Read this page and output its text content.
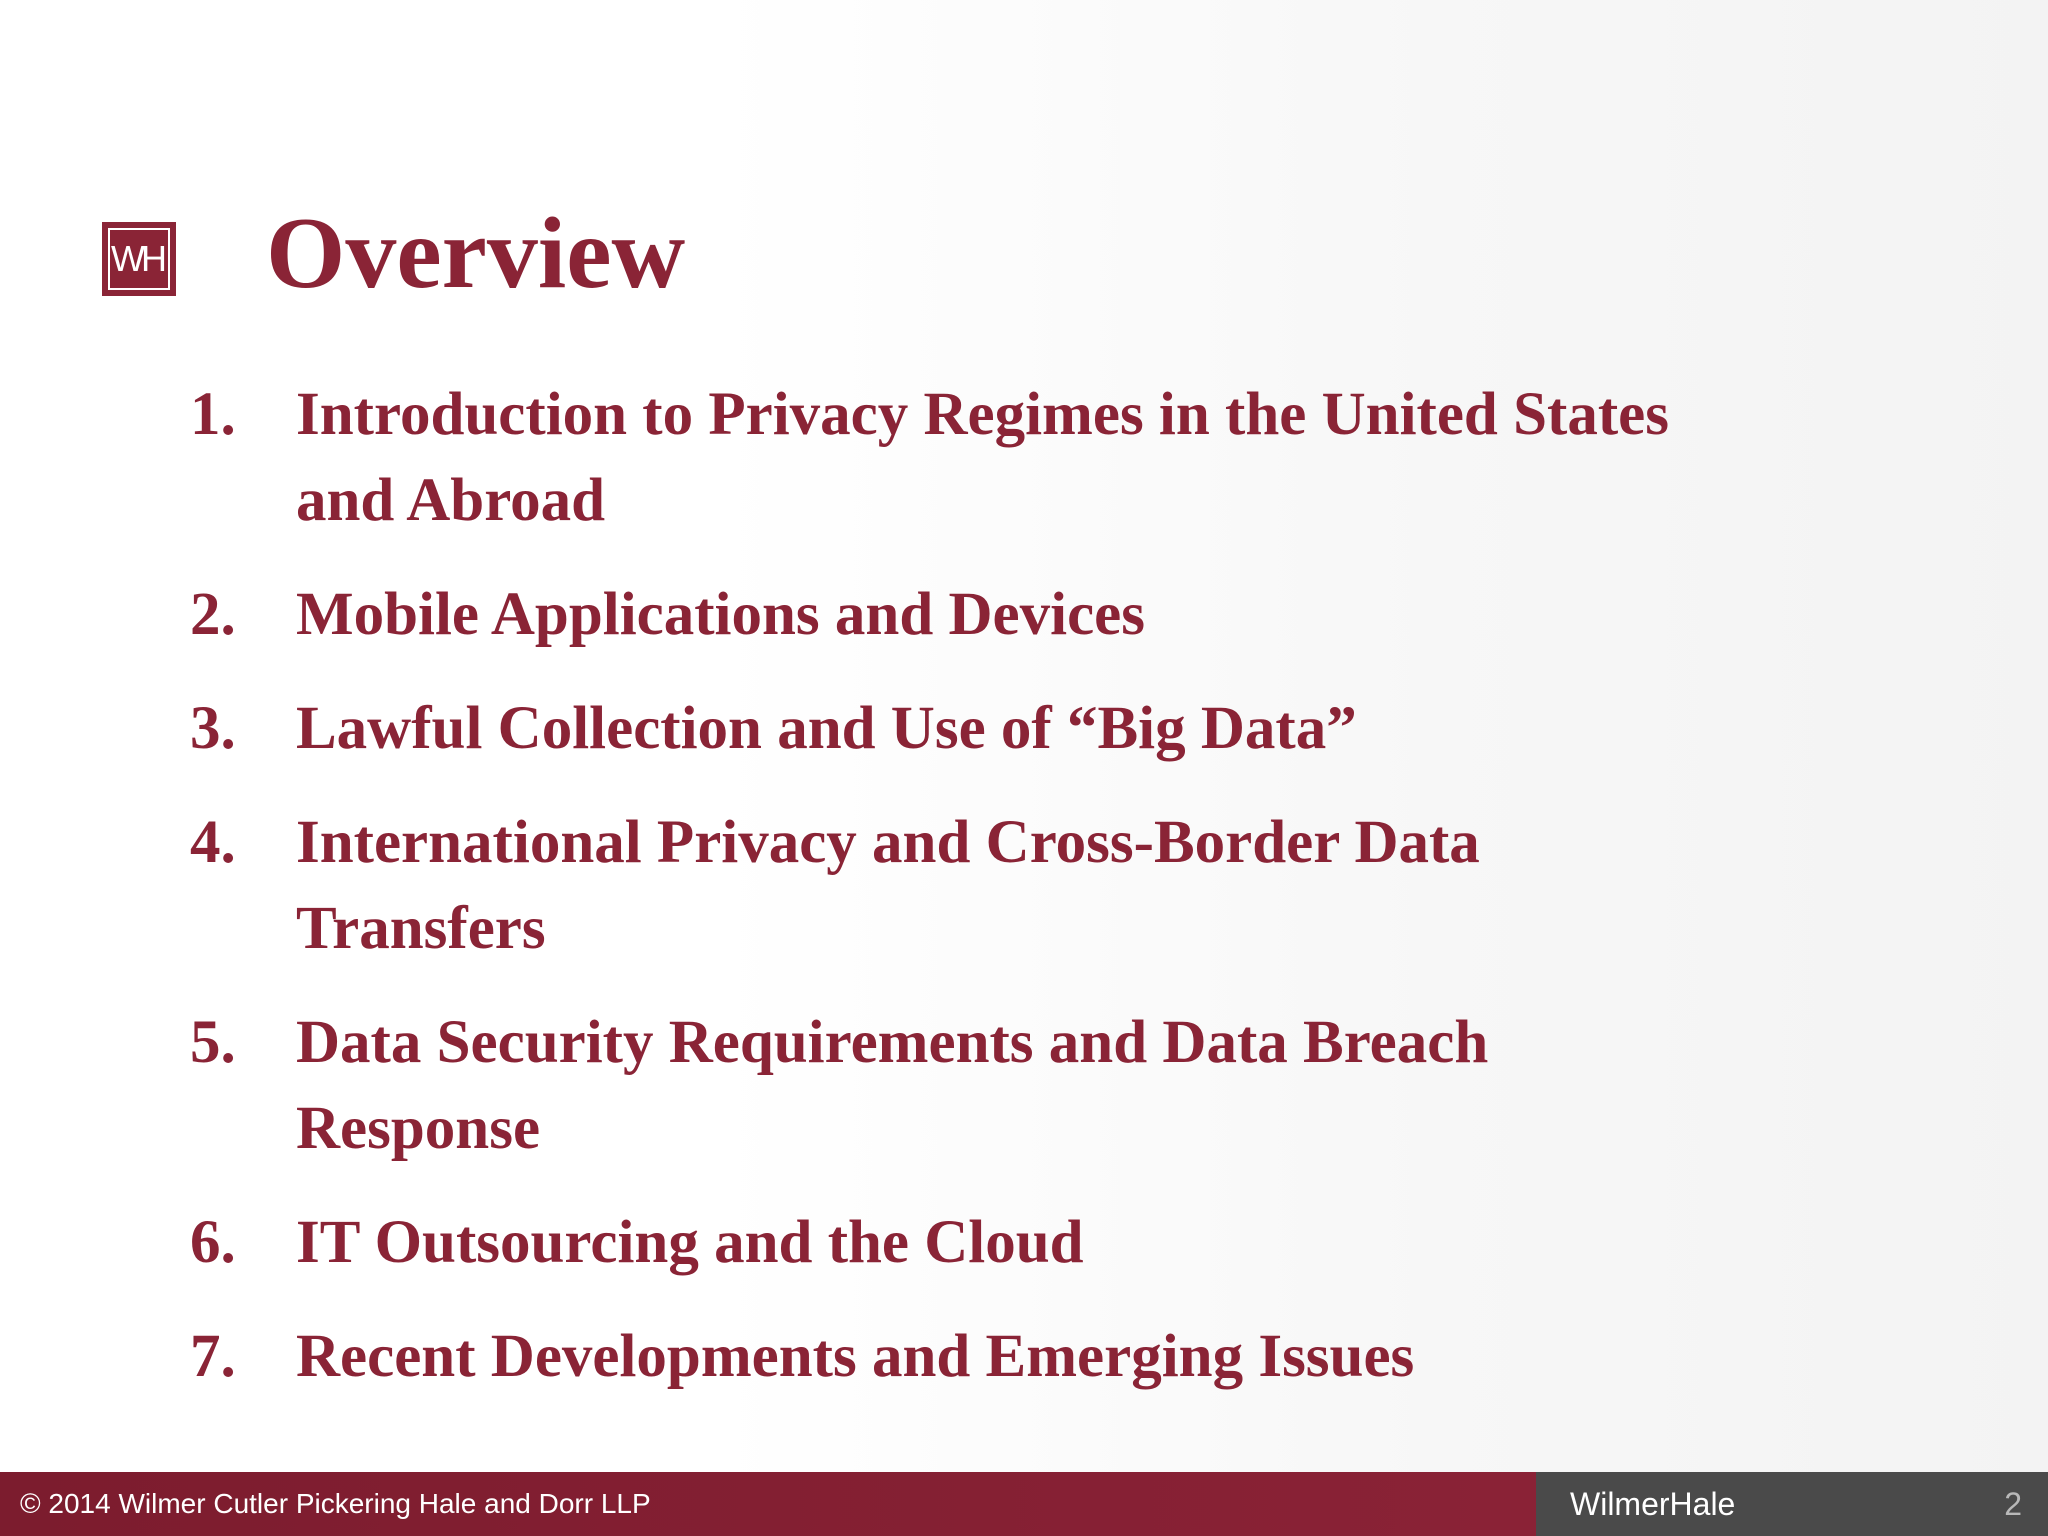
WH Overview
1. Introduction to Privacy Regimes in the United States and Abroad
2. Mobile Applications and Devices
3. Lawful Collection and Use of “Big Data”
4. International Privacy and Cross-Border Data Transfers
5. Data Security Requirements and Data Breach Response
6. IT Outsourcing and the Cloud
7. Recent Developments and Emerging Issues
© 2014 Wilmer Cutler Pickering Hale and Dorr LLP	WilmerHale	2
